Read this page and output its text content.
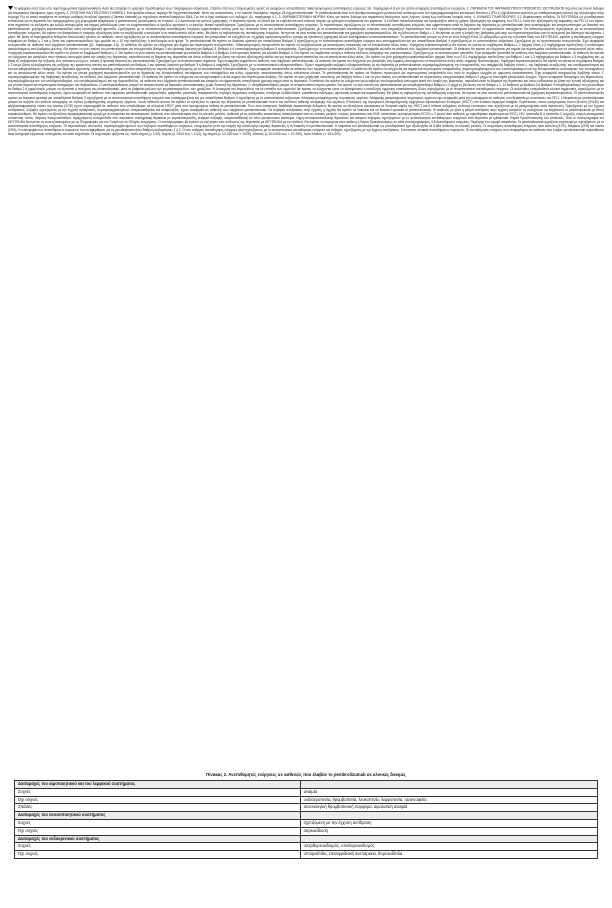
Το φάρμακο αυτό τελεί υπό συμπληρωματική παρακολούθηση. Αυτό θα επιτρέψει το γρήγορο προσδιορισμό νέων πληροφοριών ασφάλειας. Ζητείται από τους επαγγελματίες υγείας να αναφέρουν οποιεσδήποτε πιθανολογούμενες ανεπιθύμητες ενέργειες. Βλ. παράγραφο 4.8 για τον τρόπο αναφοράς ανεπιθύμητων ενεργειών. 1. ΟΝΟΜΑΣΙΑ ΤΟΥ ΦΑΡΜΑΚΕΥΤΙΚΟΥ ΠΡΟΪΟΝΤΟΣ: KEYTRUDA 50 mg κόνις για πυκνό διάλυμα για παρασκευή διαλύματος προς έγχυση. 2. ΠΟΙΟΤΙΚΗ ΚΑΙ ΠΟΣΟΤΙΚΗ ΣΥΝΘΕΣΗ: Ένα φιαλίδιο κόνεως περιέχει 50 mg pembrolizumab. Μετά την ανασύσταση, 1 ml πυκνού διαλύματος περιέχει 25 mg pembrolizumab. Το pembrolizumab είναι ένα εξανθρωποποιημένο μονοκλωνικό αντίσωμα κατά του προγραμματισμένου κυτταρικού θανάτου-1 (PD-1) (IgG4/κάππα ισότυπος με σταθεροποιητική αλλαγή της αλληλουχίας στην περιοχή Fc) το οποίο παράγεται σε κύτταρα ωοθήκης Κινεζικού κρικητού (Chinese hamster) με τεχνολογία ανασυνδυασμένου DNA. Για τον πλήρη κατάλογο των εκδόχων, βλ. παράγραφο 6.1. 3. ΦΑΡΜΑΚΟΤΕΧΝΙΚΗ ΜΟΡΦΗ: Κόνις για πυκνό διάλυμα για παρασκευή διαλύματος προς έγχυση. Λευκή έως υπόλευκη λυοφιλή κόνις. 4. ΚΛΙΝΙΚΕΣ ΠΛΗΡΟΦΟΡΙΕΣ: 4.1 Θεραπευτικές ενδείξεις: Το KEYTRUDA ως μονοθεραπεία ενδείκνυται για τη θεραπεία του προχωρημένου (μη χειρουργικά εξαιρέσιμου ή μεταστατικού) μελανώματος σε ενήλικες. 4.2 Δοσολογία και τρόπος χορήγησης: Η θεραπεία πρέπει να ξεκινά και να επιβλέπεται από ειδικούς ιατρούς με εμπειρία στη θεραπεία του καρκίνου. 4.4 Ειδικές προειδοποιήσεις και προφυλάξεις κατά τη χρήση: Αξιολόγηση της έκφρασης του PD-L1: Κατά την αξιολόγηση της έκφρασης του PD-L1 του όγκου, είναι σημαντικό να επιλέγεται μια καλώς επικυρωμένη και ισχυρή μεθοδολογία ώστε να ελαχιστοποιηθούν οι ψευδώς αρνητικοί ή οι ψευδώς θετικοί προσδιορισμοί. Σχετιζόμενες με το ανοσοποιητικό ανεπιθύμητες ενέργειες: Οι περισσότερες σχετιζόμενες με το ανοσοποιητικό ανεπιθύμητες ενέργειες που εμφανίστηκαν κατά τη διάρκεια της θεραπείας με pembrolizumab ήταν αναστρέψιμες και αντιμετωπίστηκαν με διακοπή του pembrolizumab, χορήγηση κορτικοστεροειδών και/ή υποστηρικτική φροντίδα. Σχετιζόμενες με το ανοσοποιητικό ανεπιθύμητες ενέργειες εμφανίστηκαν επίσης μετά την τελευταία δόση του pembrolizumab. Σχετιζόμενες με το ανοσοποιητικό ανεπιθύμητες ενέργειες που επηρεάζουν περισσότερα από ένα οργανικά συστήματα μπορούν να εμφανιστούν ταυτόχρονα. Για πιθανολογούμενες σχετιζόμενες με το ανοσοποιητικό ανεπιθύμητες ενέργειες, θα πρέπει να εξασφαλιστεί η επαρκής αξιολόγηση ώστε να επιβεβαιωθεί η αιτιολογία ή να αποκλειστούν άλλες αιτίες. Με βάση τη σοβαρότητα της ανεπιθύμητης ενέργειας, θα πρέπει να γίνει παύση του pembrolizumab και χορήγηση κορτικοστεροειδών. Με τη βελτίωση σε Βαθμό ≤ 1, θα πρέπει να γίνει η έναρξη της βαθμιαίας μείωσης του κορτικοστεροειδούς και να συνεχιστεί για διάστημα τουλάχιστον 1 μήνα. Με βάση τα περιορισμένα δεδομένα από κλινικές μελέτες σε ασθενείς, οπου σχετιζόμενες με το ανοσοποιητικό ανεπιθύμητες ενέργειες δεν μπορούσαν να ελεγχθούν με τη χρήση κορτικοστεροειδών, μπορεί να εξεταστεί η χορήγηση άλλων συστηματικών ανοσοκατασταλτικών. Το pembrolizumab μπορεί να γίνει εκ νέου έναρξη εντός 12 εβδομάδων μετά την τελευταία δόση του KEYTRUDA, εφόσον η ανεπιθύμητη ενέργεια παραμένει σε Βαθμό ≤ 1 και η δόση του κορτικοστεροειδούς έχει μειωθεί σε ≤ 10 mg πρεδνιζόνης ή ισοδύναμου ανά ημέρα. Το pembrolizumab θα πρέπει να διακοπεί οριστικά για οποιαδήποτε Βαθμού 3 σχετιζόμενη με το ανοσοποιητικό ανεπιθύμητη ενέργεια που επανεμφανίζεται και για οποιαδήποτε Βαθμού 4 σχετιζόμενη με το ανοσοποιητικό τοξικότητα. Σχετιζόμενη με το ανοσοποιητικό πνευμονίτιδα: Έχει αναφερθεί πνευμονίτιδα σε ασθενείς που λάμβαναν pembrolizumab (βλ. παράγραφο 4.8). Οι ασθενείς θα πρέπει να ελέγχονται για σημεία και συμπτώματα πνευμονίτιδας. Πιθανολογούμενη πνευμονίτιδα θα πρέπει να επιβεβαιώνεται με ακτινολογική απεικόνιση και να αποκλείονται άλλες αιτίες. Χορήγηση κορτικοστεροειδών θα πρέπει να γίνεται σε συμβάματα Βαθμού ≥ 2 (αρχική δόση 1-2 mg/kg/ημέρα πρεδνιζόνης ή ισοδύναμου ακολουθούμενη από βαθμιαία μείωση). Θα πρέπει να γίνει παύση του pembrolizumab για πνευμονίτιδα Βαθμού 2 και οριστική διακοπή για Βαθμού 3, Βαθμού 4 ή επαναλαμβανόμενη Βαθμού 2 πνευμονίτιδα. Σχετιζόμενη με το ανοσοποιητικό κολίτιδα: Έχει αναφερθεί κολίτιδα σε ασθενείς που λάμβαναν pembrolizumab. Οι ασθενείς θα πρέπει να ελέγχονται για σημεία και συμπτώματα κολίτιδας και να αποκλείονται άλλες αιτίες. Χορήγηση κορτικοστεροειδών θα πρέπει να γίνεται σε συμβάματα Βαθμού ≥ 2. Θα πρέπει να γίνει παύση του pembrolizumab για κολίτιδα Βαθμού 2 ή Βαθμού 3 και οριστική διακοπή για κολίτιδα Βαθμού 4. Θα πρέπει να λαμβάνεται υπόψη ο πιθανός κίνδυνος διάτρησης του γαστρεντερικού. Σχετιζόμενη με το ανοσοποιητικό ηπατίτιδα: Έχει αναφερθεί ηπατίτιδα σε ασθενείς που λάμβαναν pembrolizumab. Οι ασθενείς θα πρέπει να ελέγχονται για μεταβολές στην ηπατική λειτουργία (κατά την έναρξη της θεραπείας, περιοδικά κατά τη διάρκεια της θεραπείας και όπως ενδείκνυται με βάση την κλινική αξιολόγηση) καθώς και για συμπτώματα ηπατίτιδας και να αποκλείονται άλλες αιτίες. Θα πρέπει να γίνει χορήγηση κορτικοστεροειδών (αρχική δόση των 0,5-1 mg/kg/ημέρα πρεδνιζόνης για Βαθμού 2 και 1-2 mg/kg/ημέρα για Βαθμού ≥ 3 συμβάματα) και, με βάση τη σοβαρότητα της αύξησης των ηπατικών ενζύμων, παύση ή οριστική διακοπή του pembrolizumab. Σχετιζόμενη με το ανοσοποιητικό νεφρίτιδα: Έχει αναφερθεί νεφρίτιδα σε ασθενείς που λάμβαναν pembrolizumab. Οι ασθενείς θα πρέπει να ελέγχονται για μεταβολές στη νεφρική λειτουργία και να αποκλείονται άλλες αιτίες νεφρικής δυσλειτουργίας. Χορήγηση κορτικοστεροειδών θα πρέπει να γίνεται σε συμβάματα Βαθμού ≥ 2 και με βάση τη σοβαρότητα της αύξησης της κρεατινίνης παύση του pembrolizumab για Βαθμού 2 και οριστική διακοπή για Βαθμού 3 ή Βαθμού 4 νεφρίτιδα. Σχετιζόμενες με το ανοσοποιητικό ενδοκρινοπάθειες: Έχουν παρατηρηθεί σοβαρές ενδοκρινοπάθειες με την θεραπεία με pembrolizumab, συμπεριλαμβανομένης της υποφυσίτιδας, του σακχαρώδη διαβήτη τύπου 1, της διαβητικής κετοξέωσης, του υποθυρεοειδισμού και του υπερθυρεοειδισμού. Μακροχρόνια θεραπεία ορμονικής υποκατάστασης μπορεί να είναι απαραίτητη σε περιπτώσεις σχετιζόμενης με το ανοσοποιητικό ενδοκρινοπάθειας. Έχει αναφερθεί υποφυσίτιδα σε ασθενείς που λάμβαναν pembrolizumab. Οι ασθενείς θα πρέπει να ελέγχονται για σημεία και συμπτώματα υποφυσίτιδας (συμπεριλαμβανομένων του υποϋποφυσισμού και της δευτεροπαθούς ανεπάρκειας των επινεφριδίων) και να αποκλείονται άλλες αιτίες. Θα πρέπει να γίνεται χορήγηση κορτικοστεροειδών για τη θεραπεία της δευτεροπαθούς ανεπάρκειας των επινεφριδίων και άλλης ορμονικής υποκατάστασης όπως ενδείκνυται κλινικά. Το pembrolizumab θα πρέπει να διακοπεί προσωρινά για συμπτωματική υποφυσίτιδα έως ότου το σύμβαμα ελεγχθεί με ορμονική υποκατάσταση. Έχει αναφερθεί σακχαρώδης διαβήτης τύπου 1, συμπεριλαμβανομένης της διαβητικής κετοξέωσης, σε ασθενείς που λάμβαναν pembrolizumab. Οι ασθενείς θα πρέπει να ελέγχονται για υπεργλυκαιμία ή άλλα σημεία και συμπτώματα διαβήτη. Θα πρέπει να γίνει χορήγηση ινσουλίνης για διαβήτη τύπου 1 και να γίνει παύση του pembrolizumab σε περιπτώσεις υπεργλυκαιμίας Βαθμού 3 μέχρι να επιτευχθεί μεταβολικός έλεγχος. Έχουν αναφερθεί διαταραχές του θυρεοειδούς, συμπεριλαμβανομένου του υποθυρεοειδισμού, του υπερθυρεοειδισμού και της θυρεοειδίτιδας, σε ασθενείς που λάμβαναν pembrolizumab και μπορούν να εμφανιστούν οποιαδήποτε χρονική στιγμή κατά τη θεραπεία. Οι ασθενείς θα πρέπει να ελέγχονται για μεταβολές στη θυρεοειδική λειτουργία (κατά την έναρξη της θεραπείας, περιοδικά κατά τη διάρκεια της θεραπείας και όπως ενδείκνυται με βάση την κλινική αξιολόγηση) και για κλινικά σημεία και συμπτώματα διαταραχών του θυρεοειδούς. Ο υποθυρεοειδισμός μπορεί να αντιμετωπιστεί με θεραπεία υποκατάστασης χωρίς διακοπή της θεραπείας. Ο υπερθυρεοειδισμός μπορεί να αντιμετωπιστεί συμπτωματικά. Θα πρέπει να γίνει παύση του pembrolizumab για υπερθυρεοειδισμό Βαθμού ≥ 3 μέχρι τη βελτίωση του σε Βαθμό ≤ 1. Σε ασθενείς με Βαθμού 3 ή Βαθμού 4 υπερθυρεοειδισμό που βελτιώθηκε σε Βαθμό 2 ή χαμηλότερο, μπορεί να εξεταστεί η συνέχιση του pembrolizumab, μετά τη βαθμιαία μείωση των κορτικοστεροειδών, εάν χρειάζεται. Η λειτουργία του θυρεοειδούς και τα επίπεδα των ορμονών θα πρέπει να ελέγχονται ώστε να εξασφαλιστεί η κατάλληλη ορμονική υποκατάσταση. Άλλες σχετιζόμενες με το ανοσοποιητικό ανεπιθύμητες ενέργειες: Οι ακόλουθες επιπρόσθετες κλινικά σημαντικές, σχετιζόμενες με το ανοσοποιητικό ανεπιθύμητες ενέργειες, έχουν αναφερθεί σε ασθενείς που λάμβαναν pembrolizumab: ραγοειδίτιδα, αρθρίτιδα, μυοσίτιδα, παγκρεατίτιδα, σοβαρές δερματικές αντιδράσεις, σύνδρομο Guillain-Barré, μυασθενικό σύνδρομο, αιμολυτική αναιμία και σαρκοείδωση. Με βάση τη σοβαρότητα της ανεπιθύμητης ενέργειας, θα πρέπει να γίνει παύση του pembrolizumab και χορήγηση κορτικοστεροειδών. Το pembrolizumab θα πρέπει να διακοπεί οριστικά για οποιαδήποτε Βαθμού 3 σχετιζόμενη με το ανοσοποιητικό ανεπιθύμητη ενέργεια που επανεμφανίζεται και για οποιαδήποτε Βαθμού 4 σχετιζόμενη με το ανοσοποιητικό τοξικότητα. Απόρριψη μεταμόσχευσης συμπαγούς οργάνου: Απόρριψη μεταμόσχευσης συμπαγούς οργάνου έχει αναφερθεί μετά την κυκλοφορία σε ασθενείς υπό θεραπεία με αναστολείς του PD-1. Η θεραπεία με pembrolizumab μπορεί να αυξήσει τον κίνδυνο απόρριψης σε λήπτες μεταμόσχευσης συμπαγούς οργάνου. Στους ασθενείς αυτούς θα πρέπει να εξετάζεται το όφελος της θεραπείας με pembrolizumab έναντι του κινδύνου πιθανής απόρριψης του οργάνου. Επιπλοκές της αλλογενούς Μεταμόσχευσης Αρχέγονων Αιμοποιητικών Κυττάρων (HSCT) στο κλασικό λέμφωμα Hodgkin: Περιπτώσεις νόσου μοσχεύματος έναντι ξενιστή (GVHD) και φλεβοαποφρακτικής νόσου του ήπατος (VOD) έχουν παρατηρηθεί σε ασθενείς που υποβλήθηκαν σε αλλογενή HSCT μετά από προηγούμενη έκθεση σε pembrolizumab. Έως ότου καταστούν διαθέσιμα περισσότερα δεδομένα, θα πρέπει να εξετάζονται προσεκτικά τα δυνητικά οφέλη της HSCT και ο πιθανά αυξημένος κίνδυνος επιπλοκών που σχετίζονται με τη μεταμόσχευση κατά περίπτωση. Σχετιζόμενες με την έγχυση αντιδράσεις: Σοβαρές σχετιζόμενες με την έγχυση αντιδράσεις, συμπεριλαμβανομένων υπερευαισθησίας και αναφυλαξίας, έχουν αναφερθεί σε ασθενείς που λάμβαναν pembrolizumab. Για σοβαρές αντιδράσεις στην έγχυση, η έγχυση θα πρέπει να διακοπεί και να διακοπεί οριστικά το pembrolizumab. Οι ασθενείς με ήπια ή μέτρια αντίδραση στην έγχυση μπορούν να συνεχίσουν να λαμβάνουν το pembrolizumab με στενή παρακολούθηση. Θα πρέπει να εξετάζεται προφαρμακευτική αγωγή με αντιπυρετικό και αντισταμινικό. Ασθενείς που αποκλείστηκαν από τις κλινικές μελέτες: Ασθενείς με τις ακόλουθες καταστάσεις αποκλείστηκαν από τις κλινικές μελέτες: ενεργές μεταστάσεις στο ΚΝΣ, κατάσταση λειτουργικότητας ECOG ≥ 2 (εκτός από ασθενείς με ουροθηλιακό καρκίνωμα και RCC), HIV, ηπατίτιδα B ή ηπατίτιδα C λοίμωξη, ενεργή συστηματική αυτοάνοση νόσος, διάμεση πνευμονοπάθεια, προηγούμενη πνευμονίτιδα που απαιτούσε συστηματική θεραπεία με κορτικοστεροειδή, ιστορικό σοβαρής υπερευαισθησίας σε άλλο μονοκλωνικό αντίσωμα, λήψη ανοσοκατασταλτικής θεραπείας και ιστορικό σοβαρών σχετιζόμενων με το ανοσοποιητικό ανεπιθύμητων ενεργειών από θεραπεία με ipilimumab. Κάρτα Προειδοποίησης του Ασθενούς: Όλοι οι συνταγογράφοι του KEYTRUDA θα πρέπει να είναι εξοικειωμένοι με τις Πληροφορίες για τον Γιατρό και τις Οδηγίες Διαχείρισης. Ο συνταγογράφος θα πρέπει να συζητήσει τους κινδύνους της θεραπείας με KEYTRUDA με τον ασθενή. Θα πρέπει να παρέχεται στον ασθενή η Κάρτα Προειδοποίησης σε κάθε συνταγογράφηση. 4.8 Ανεπιθύμητες ενέργειες: Περίληψη του προφίλ ασφάλειας: Το pembrolizumab σχετίζεται συχνότερα με σχετιζόμενες με το ανοσοποιητικό ανεπιθύμητες ενέργειες. Οι περισσότερες από αυτές, συμπεριλαμβανομένων των σοβαρών ανεπιθύμητων ενεργειών, υποχώρησαν μετά την έναρξη της κατάλληλης ιατρικής θεραπείας ή τη διακοπή του pembrolizumab. Η ασφάλεια του pembrolizumab ως μονοθεραπεία έχει αξιολογηθεί σε 5.884 ασθενείς σε κλινικές μελέτες. Οι συχνότερες ανεπιθύμητες ενέργειες ήταν κόπωση (31%), διάρροια (22%) και ναυτία (20%). Η πλειοψηφία των ανεπιθύμητων ενεργειών που αναφέρθηκαν για τη μονοθεραπεία ήταν Βαθμού σοβαρότητας 1 ή 2. Οι πιο σοβαρές ανεπιθύμητες ενέργειες ήταν σχετιζόμενες με το ανοσοποιητικό ανεπιθύμητες ενέργειες και σοβαρές σχετιζόμενες με την έγχυση αντιδράσεις. Συνοπτικός πίνακας ανεπιθύμητων ενεργειών: Οι ανεπιθύμητες ενέργειες που αναφέρθηκαν σε ασθενείς που έλαβαν pembrolizumab παρατίθενται κατά κατηγορία οργανικού συστήματος και κατά συχνότητα. Οι συχνότητες ορίζονται ως: πολύ συχνές (≥ 1/10), συχνές (≥ 1/100 έως < 1/10), όχι συχνές (≥ 1/1.000 έως < 1/100), σπάνιες (≥ 1/10.000 έως < 1/1.000), πολύ σπάνιες (< 1/10.000).

Πίνακας 2. Ανεπιθύμητες ενέργειες σε ασθενείς που έλαβαν το pembrolizumab σε κλινικές δοκιμές

Διαταραχές του αιμοποιητικού και του λεμφικού συστήματος	
Συχνές	αναιμία
Όχι συχνές	ουδετεροπενία, θρομβοπενία, λευκοπενία, λεμφοπενία, ηωσινοφιλία
Σπάνιες	ανοσολογική θρομβοπενική πορφύρα, αιμολυτική αναιμία
Διαταραχές του ανοσοποιητικού συστήματος	
Συχνές	σχετιζόμενη με την έγχυση αντίδραση
Όχι συχνές	σαρκοείδωση
Διαταραχές του ενδοκρινικού συστήματος	
Συχνές	υπερθυρεοειδισμός, υποθυρεοειδισμός
Όχι συχνές	υποφυσίτιδα, επινεφριδιακή ανεπάρκεια, θυρεοειδίτιδα
